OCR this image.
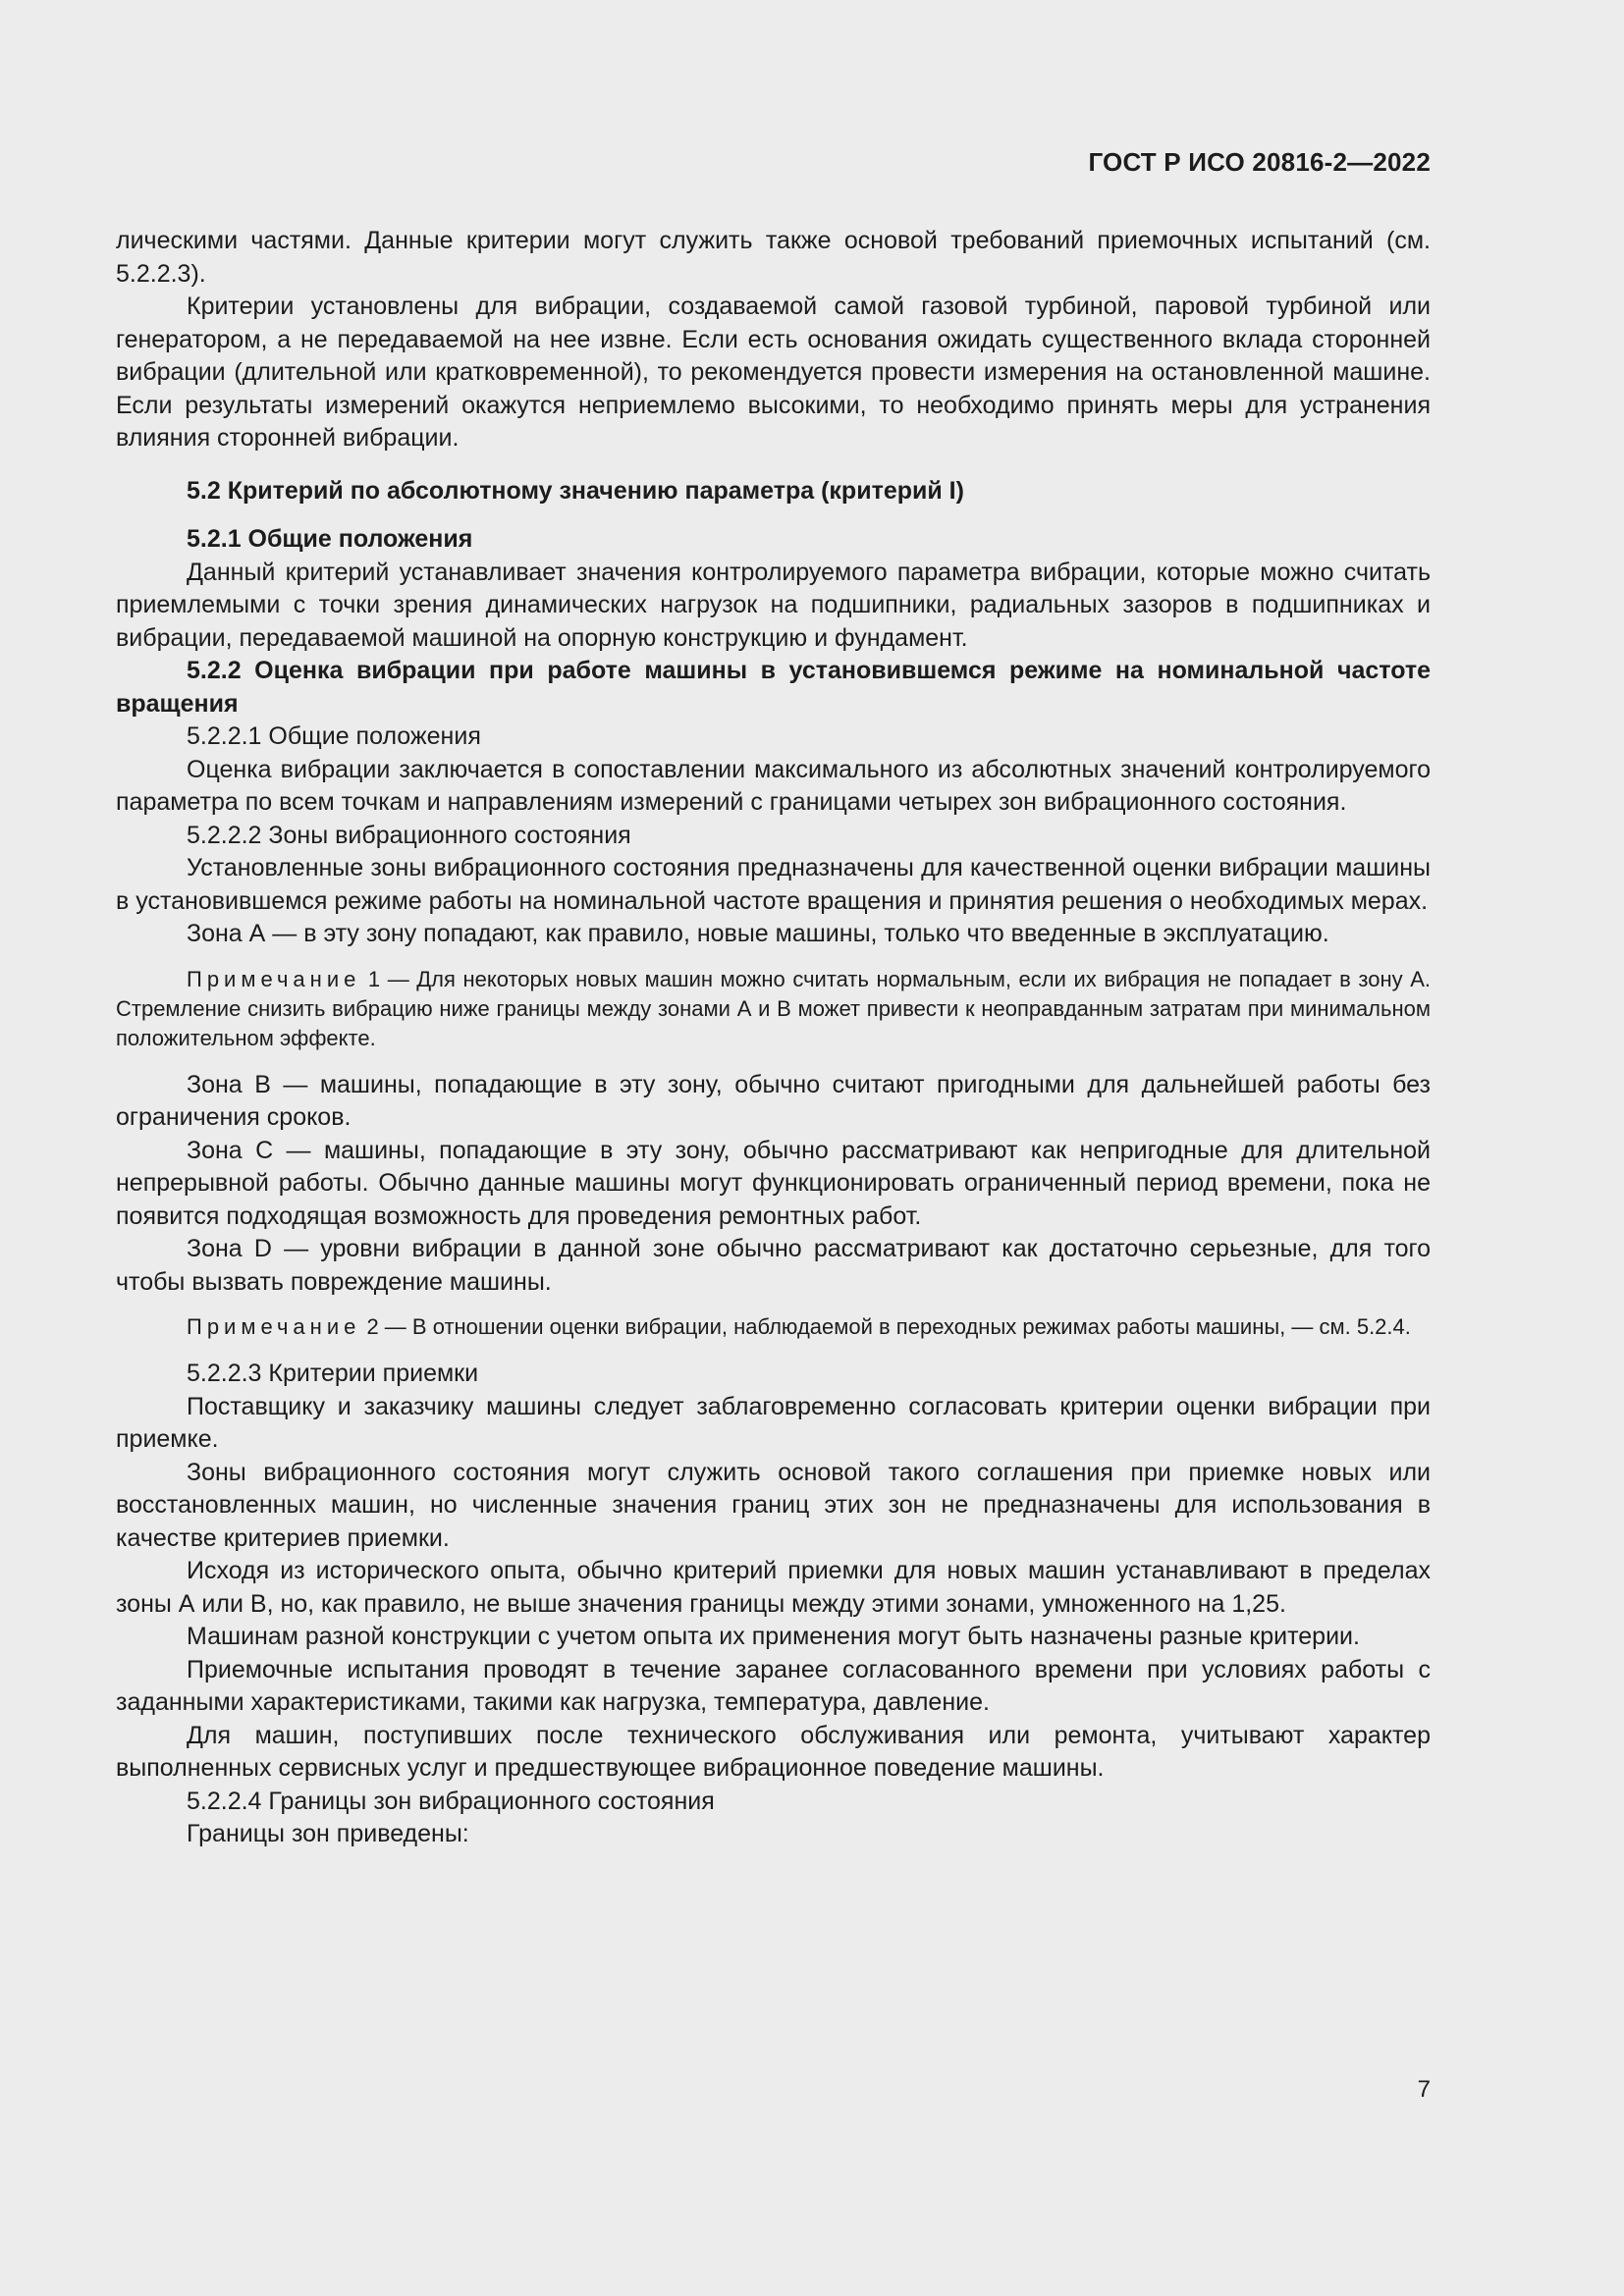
ГОСТ Р ИСО 20816-2—2022

лическими частями. Данные критерии могут служить также основой требований приемочных испытаний (см. 5.2.2.3).

Критерии установлены для вибрации, создаваемой самой газовой турбиной, паровой турбиной или генератором, а не передаваемой на нее извне. Если есть основания ожидать существенного вклада сторонней вибрации (длительной или кратковременной), то рекомендуется провести измерения на остановленной машине. Если результаты измерений окажутся неприемлемо высокими, то необходимо принять меры для устранения влияния сторонней вибрации.

5.2 Критерий по абсолютному значению параметра (критерий I)

5.2.1 Общие положения

Данный критерий устанавливает значения контролируемого параметра вибрации, которые можно считать приемлемыми с точки зрения динамических нагрузок на подшипники, радиальных зазоров в подшипниках и вибрации, передаваемой машиной на опорную конструкцию и фундамент.

5.2.2 Оценка вибрации при работе машины в установившемся режиме на номинальной частоте вращения

5.2.2.1 Общие положения

Оценка вибрации заключается в сопоставлении максимального из абсолютных значений контролируемого параметра по всем точкам и направлениям измерений с границами четырех зон вибрационного состояния.

5.2.2.2 Зоны вибрационного состояния

Установленные зоны вибрационного состояния предназначены для качественной оценки вибрации машины в установившемся режиме работы на номинальной частоте вращения и принятия решения о необходимых мерах.

Зона А — в эту зону попадают, как правило, новые машины, только что введенные в эксплуатацию.

Примечание 1 — Для некоторых новых машин можно считать нормальным, если их вибрация не попадает в зону А. Стремление снизить вибрацию ниже границы между зонами А и В может привести к неоправданным затратам при минимальном положительном эффекте.

Зона В — машины, попадающие в эту зону, обычно считают пригодными для дальнейшей работы без ограничения сроков.

Зона С — машины, попадающие в эту зону, обычно рассматривают как непригодные для длительной непрерывной работы. Обычно данные машины могут функционировать ограниченный период времени, пока не появится подходящая возможность для проведения ремонтных работ.

Зона D — уровни вибрации в данной зоне обычно рассматривают как достаточно серьезные, для того чтобы вызвать повреждение машины.

Примечание 2 — В отношении оценки вибрации, наблюдаемой в переходных режимах работы машины, — см. 5.2.4.

5.2.2.3 Критерии приемки

Поставщику и заказчику машины следует заблаговременно согласовать критерии оценки вибрации при приемке.

Зоны вибрационного состояния могут служить основой такого соглашения при приемке новых или восстановленных машин, но численные значения границ этих зон не предназначены для использования в качестве критериев приемки.

Исходя из исторического опыта, обычно критерий приемки для новых машин устанавливают в пределах зоны А или В, но, как правило, не выше значения границы между этими зонами, умноженного на 1,25.

Машинам разной конструкции с учетом опыта их применения могут быть назначены разные критерии.

Приемочные испытания проводят в течение заранее согласованного времени при условиях работы с заданными характеристиками, такими как нагрузка, температура, давление.

Для машин, поступивших после технического обслуживания или ремонта, учитывают характер выполненных сервисных услуг и предшествующее вибрационное поведение машины.

5.2.2.4 Границы зон вибрационного состояния

Границы зон приведены:

7
